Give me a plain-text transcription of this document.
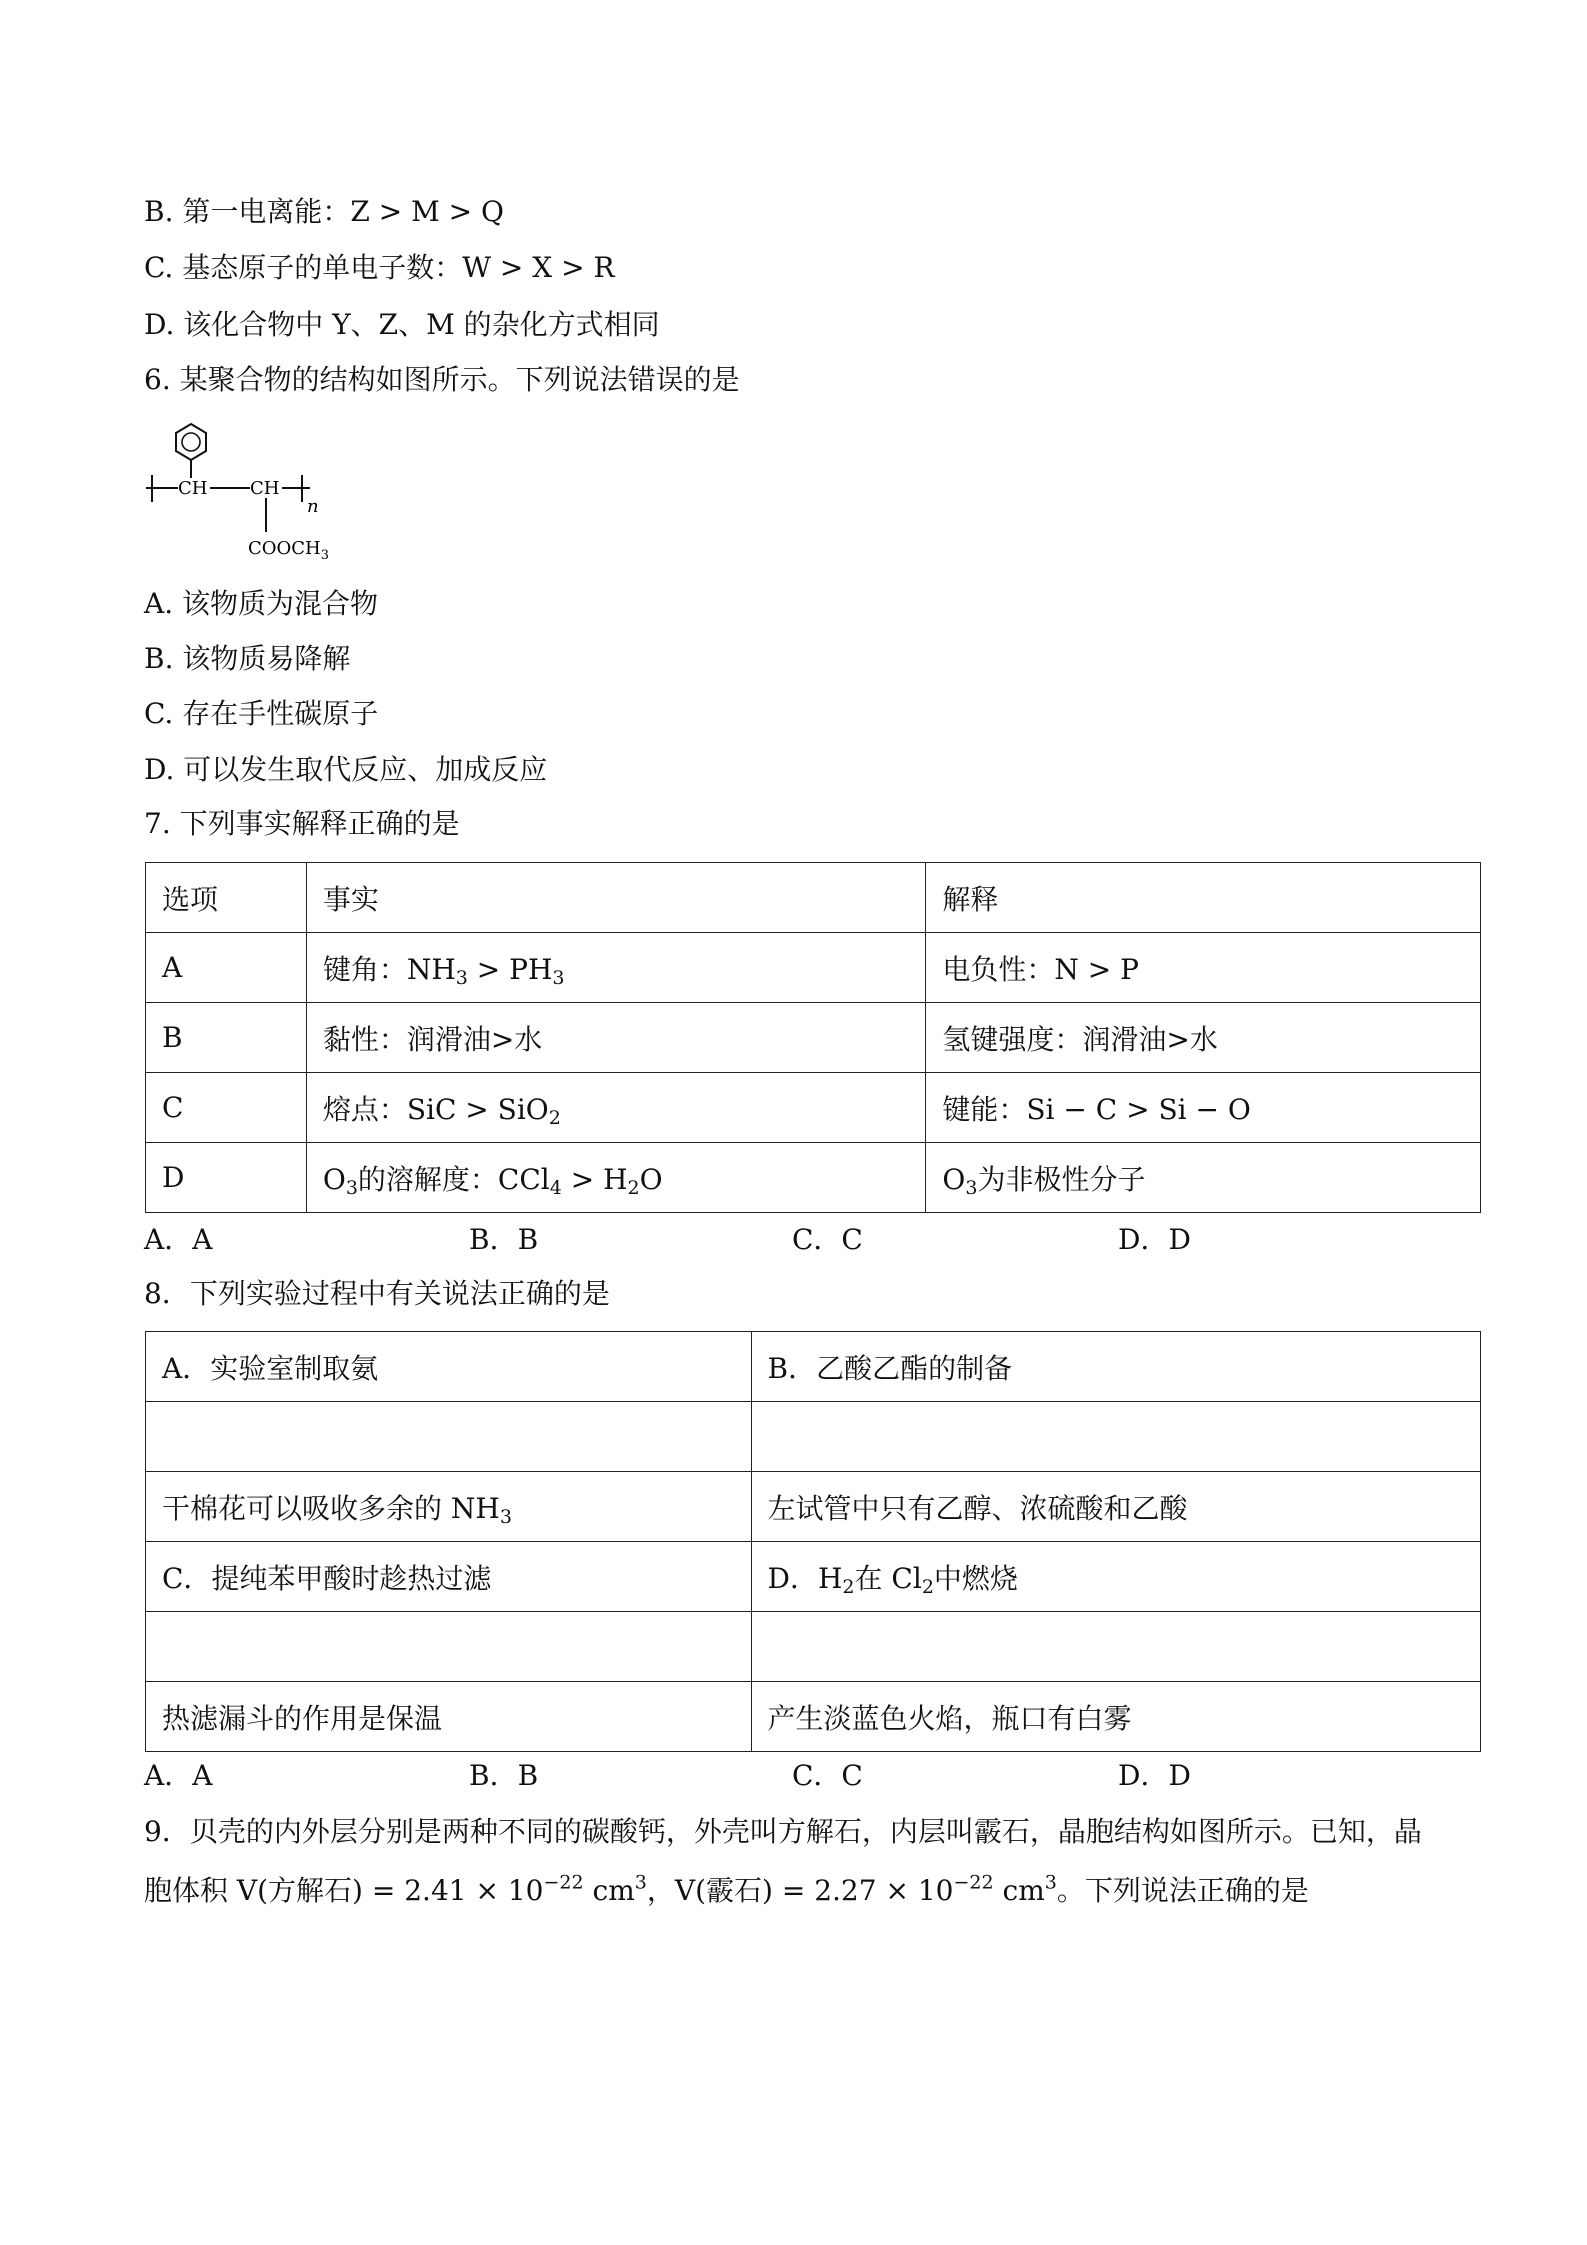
B. 第一电离能：Z > M > Q
C. 基态原子的单电子数：W > X > R
D. 该化合物中 Y、Z、M 的杂化方式相同
6. 某聚合物的结构如图所示。下列说法错误的是
CH CH
n
$COOCH_3$
A. 该物质为混合物
B. 该物质易降解
C. 存在手性碳原子
D. 可以发生取代反应、加成反应
7. 下列事实解释正确的是
选项	事实	解释
A	键角：$NH_3 > PH_3$	电负性：N > P
B	黏性：润滑油>水	氢键强度：润滑油>水
C	熔点：SiC > SiO$_2$	键能：Si − C > Si − O
D	$O_3$的溶解度：$CCl_4 > H_2O$	$O_3$为非极性分子
A．A	B．B	C．C	D．D
8．下列实验过程中有关说法正确的是
A．实验室制取氨	B．乙酸乙酯的制备

干棉花可以吸收多余的 $NH_3$	左试管中只有乙醇、浓硫酸和乙酸
C．提纯苯甲酸时趁热过滤	D．$H_2$在 $Cl_2$中燃烧

热滤漏斗的作用是保温	产生淡蓝色火焰，瓶口有白雾
A．A	B．B	C．C	D．D
9．贝壳的内外层分别是两种不同的碳酸钙，外壳叫方解石，内层叫霰石，晶胞结构如图所示。已知，晶
胞体积 V(方解石) = $2.41 \times 10^{-22}$ $cm^3$，V(霰石) = $2.27 \times 10^{-22}$ $cm^3$。下列说法正确的是
